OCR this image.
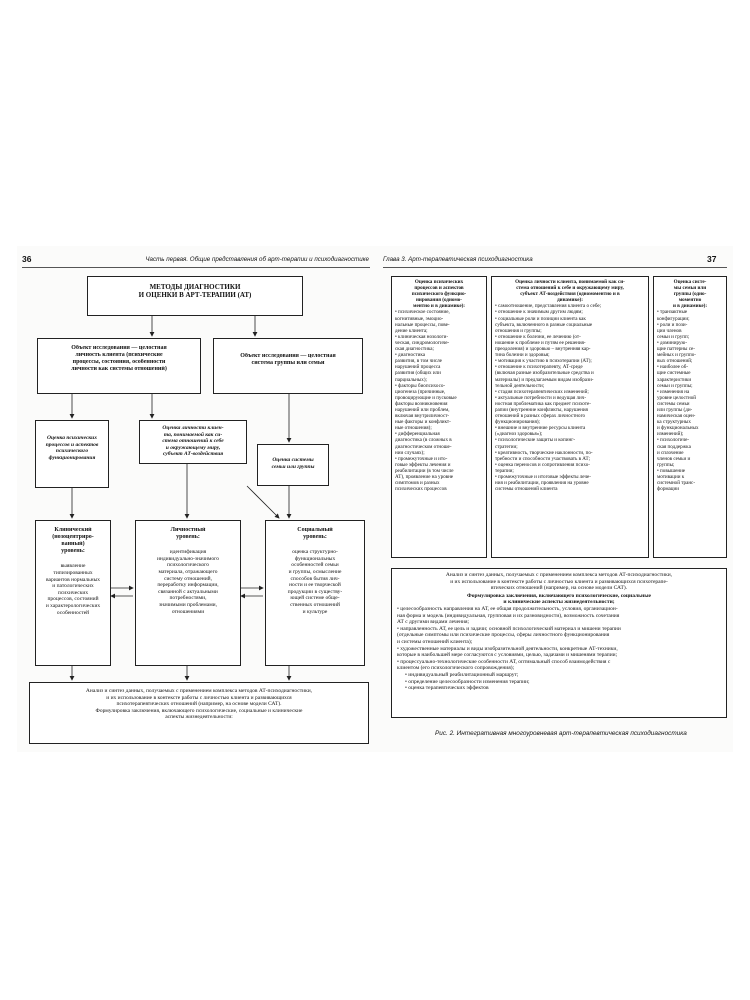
36	Часть первая. Общие представления об арт-терапии и психодиагностике
МЕТОДЫ ДИАГНОСТИКИ
И ОЦЕНКИ В АРТ-ТЕРАПИИ (АТ)
Объект исследования — целостная
личность клиента (психические
процессы, состояния, особенности
личности как системы отношений)
Объект исследования — целостная
система группы или семьи
Оценка психических
процессов и аспектов
психического
функционирования
Оценка личности клиен-
та, понимаемой как си-
стема отношений к себе
и окружающему миру,
субъект АТ-воздействия
Оценка системы
семьи или группы
Клинический
(нозоцентриро-
ванный)
уровень:
выявление
типизированных
вариантов нормальных
и патологических
психических
процессов, состояний
и характерологических
особенностей
Личностный
уровень:
идентификация
индивидуально-значимого
психологического
материала, отражающего
систему отношений,
переработку информации,
связанной с актуальными
потребностями,
значимыми проблемами,
отношениями
Социальный
уровень:
оценка структурно-
функциональных
особенностей семьи
и группы, осмысление
способов бытия лич-
ности и ее творческой
продукции в существу-
ющей системе обще-
ственных отношений
и культуре
Анализ и синтез данных, получаемых с применением комплекса методов АТ-психодиагностики,
и их использование в контексте работы с личностью клиента и развивающихся
психотерапевтических отношений (например, на основе модели САТ).
Формулировка заключения, включающего психологические, социальные и клинические
аспекты жизнедеятельности:
Глава 3. Арт-терапевтическая психодиагностика	37
Оценка психических
процессов и аспектов
психического функцио-
нирования (одномо-
ментно и в динамике):
• психическое состояние,
когнитивные, эмоцио-
нальные процессы, пове-
дение клиента;
• клиническая нозологи-
ческая, синдромологиче-
ская диагностика;
• диагностика
развития, в том числе
нарушений процесса
развития (общих или
парциальных);
• факторы биопсихосо-
циогенеза (причинные,
провоцирующие и пусковые
факторы возникновения
нарушений или проблем,
включая внутриличност-
ные факторы и конфликт-
ные отношения);
• дифференциальная
диагностика (в сложных в
диагностическом отноше-
нии случаях);
• промежуточные и ито-
говые эффекты лечения и
реабилитации (в том числе
АТ), проявление на уровне
симптомов и разных
психических процессов
Оценка личности клиента, понимаемой как си-
стема отношений к себе и окружающему миру,
субъект АТ-воздействия (одномоментно и в
динамике):
• самоотношение, представления клиента о себе;
• отношение к значимым другим людям;
• социальные роли и позиции клиента как
субъекта, включенного в разные социальные
отношения и группы;
• отношение к болезни, ее лечению (от-
ношение к проблеме и путям ее решения-
преодоления) и здоровью – внутренняя кар-
тина болезни и здоровья;
• мотивация к участию в психотерапии (АТ);
• отношение к психотерапевту, АТ-среде
(включая разные изобразительные средства и
материалы) и предлагаемым видам изобрази-
тельной деятельности;
• стадия психотерапевтических изменений;
• актуальные потребности и ведущая лич-
ностная проблематика как предмет психоте-
рапии (внутренние конфликты, нарушения
отношений в разных сферах личностного
функционирования);
• внешние и внутренние ресурсы клиента
(«диагноз здоровья»);
• психологические защиты и копинг-
стратегии;
• креативность, творческие наклонности, по-
требности и способности участвовать в АТ;
• оценка переносов и сопротивления психо-
терапии;
• промежуточные и итоговые эффекты лече-
ния и реабилитации, проявления на уровне
системы отношений клиента
Оценка систе-
мы семьи или
группы (одно-
моментно
и в динамике):
• транзактные
конфигурации;
• роли и пози-
ции членов
семьи и групп;
• доминирую-
щие паттерны се-
мейных и группо-
вых отношений;
• наиболее об-
щие системные
характеристики
семьи и группы;
• изменения на
уровне целостной
системы семьи
или группы (ди-
намическая оцен-
ка структурных
и функциональных
изменений);
• психологиче-
ская поддержка
и сплочение
членов семьи и
группы;
• повышение
мотивации к
системной транс-
формации
Анализ и синтез данных, получаемых с применением комплекса методов АТ-психодиагностики,
и их использование в контексте работы с личностью клиента и развивающихся психотерапе-
втических отношений (например, на основе модели САТ).
Формулировка заключения, включающего психологические, социальные
и клинические аспекты жизнедеятельности;
• целесообразность направления на АТ, ее общая продолжительность, условия, организацион-
ная форма и модель (индивидуальная, групповая и их разновидности), возможность сочетания
АТ с другими видами лечения;
• направленность АТ, ее цель и задачи; основной психологический материал и мишени терапии
(отдельные симптомы или психические процессы, сферы личностного функционирования
и системы отношений клиента);
• художественные материалы и виды изобразительной деятельности, конкретные АТ-техники,
которые в наибольшей мере согласуются с условиями, целью, задачами и мишенями терапии;
• процессуально-технологические особенности АТ, оптимальный способ взаимодействия с
клиентом (его психологического сопровождения);
• индивидуальный реабилитационный маршрут;
• определение целесообразности изменения терапии;
• оценка терапевтических эффектов
Рис. 2. Интегративная многоуровневая арт-терапевтическая психодиагностика
